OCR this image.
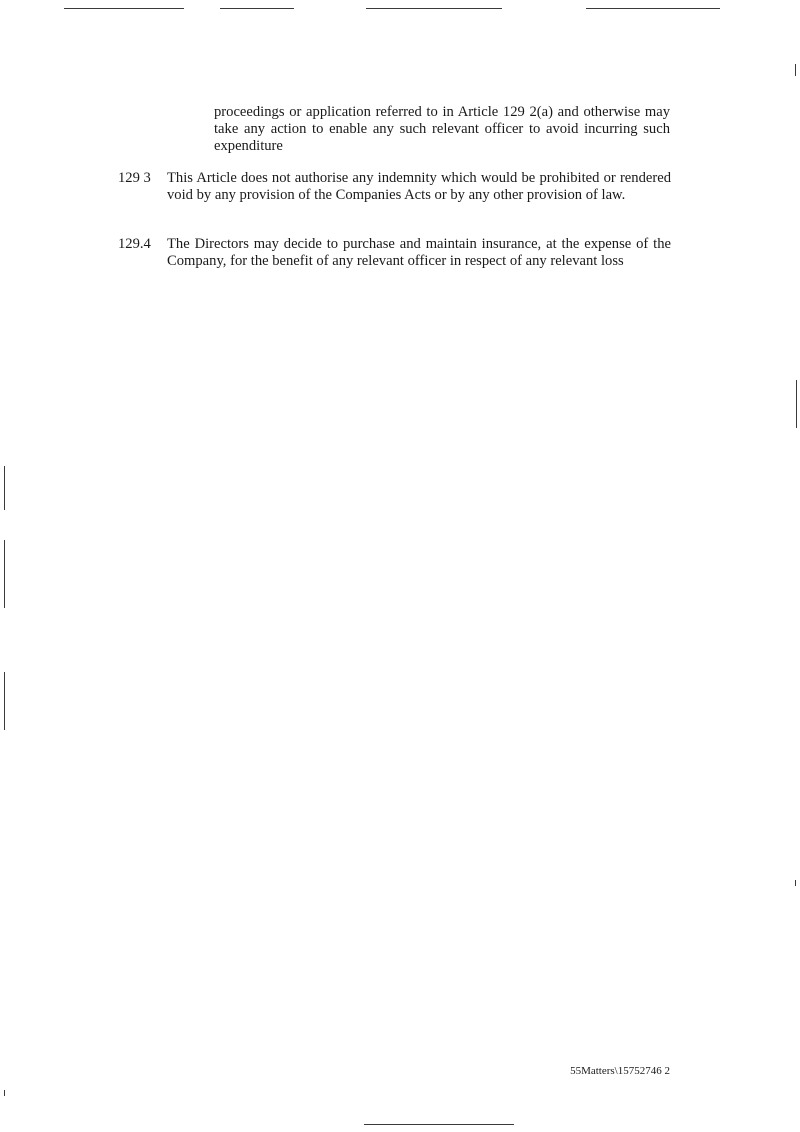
proceedings or application referred to in Article 129 2(a) and otherwise may take any action to enable any such relevant officer to avoid incurring such expenditure
129 3	This Article does not authorise any indemnity which would be prohibited or rendered void by any provision of the Companies Acts or by any other provision of law.
129.4	The Directors may decide to purchase and maintain insurance, at the expense of the Company, for the benefit of any relevant officer in respect of any relevant loss
55Matters\15752746 2
